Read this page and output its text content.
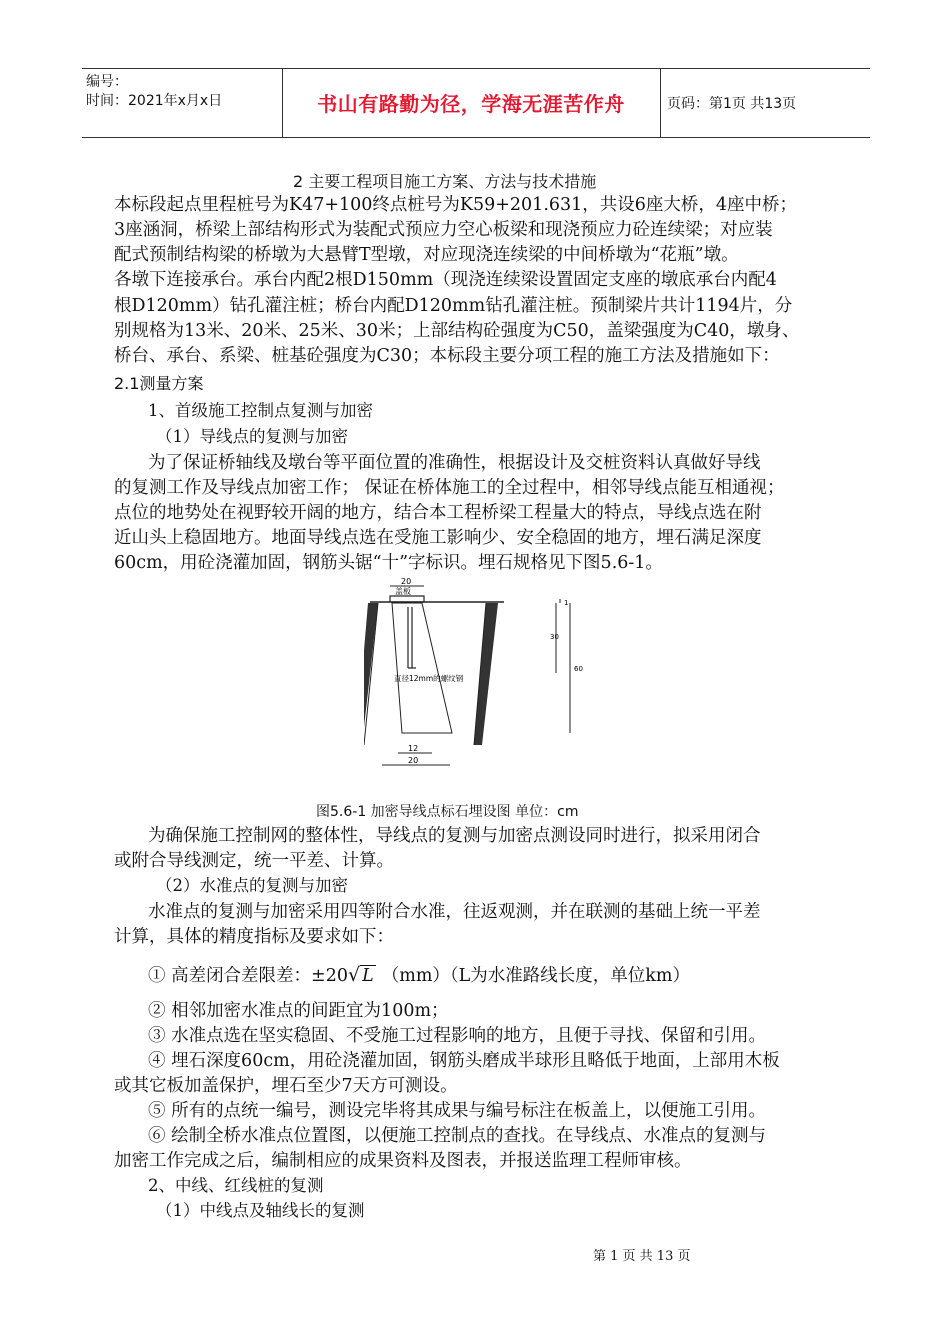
编号：
时间：2021年x月x日	书山有路勤为径，学海无涯苦作舟	页码：第1页 共13页
2 主要工程项目施工方案、方法与技术措施
本标段起点里程桩号为K47+100终点桩号为K59+201.631，共设6座大桥，4座中桥；
3座涵洞，桥梁上部结构形式为装配式预应力空心板梁和现浇预应力砼连续梁；对应装
配式预制结构梁的桥墩为大悬臂T型墩，对应现浇连续梁的中间桥墩为“花瓶”墩。
各墩下连接承台。承台内配2根D150mm（现浇连续梁设置固定支座的墩底承台内配4
根D120mm）钻孔灌注桩；桥台内配D120mm钻孔灌注桩。预制梁片共计1194片，分
别规格为13米、20米、25米、30米；上部结构砼强度为C50，盖梁强度为C40，墩身、
桥台、承台、系梁、桩基砼强度为C30；本标段主要分项工程的施工方法及措施如下：
2.1测量方案
1、首级施工控制点复测与加密
（1）导线点的复测与加密
为了保证桥轴线及墩台等平面位置的准确性，根据设计及交桩资料认真做好导线
的复测工作及导线点加密工作； 保证在桥体施工的全过程中，相邻导线点能互相通视；
点位的地势处在视野较开阔的地方，结合本工程桥梁工程量大的特点，导线点选在附
近山头上稳固地方。地面导线点选在受施工影响少、安全稳固的地方，埋石满足深度
60cm，用砼浇灌加固，钢筋头锯“十”字标识。埋石规格见下图5.6-1。
20
盖板
直径12mm的螺纹钢
12
20
1
30
60
图5.6-1 加密导线点标石埋设图 单位：cm
为确保施工控制网的整体性，导线点的复测与加密点测设同时进行，拟采用闭合
或附合导线测定，统一平差、计算。
（2）水准点的复测与加密
水准点的复测与加密采用四等附合水准，往返观测，并在联测的基础上统一平差
计算，具体的精度指标及要求如下：
① 高差闭合差限差：±20√ L （mm）（L为水准路线长度，单位km）
② 相邻加密水准点的间距宜为100m；
③ 水准点选在坚实稳固、不受施工过程影响的地方，且便于寻找、保留和引用。
④ 埋石深度60cm，用砼浇灌加固，钢筋头磨成半球形且略低于地面，上部用木板
或其它板加盖保护，埋石至少7天方可测设。
⑤ 所有的点统一编号，测设完毕将其成果与编号标注在板盖上，以便施工引用。
⑥ 绘制全桥水准点位置图，以便施工控制点的查找。在导线点、水准点的复测与
加密工作完成之后，编制相应的成果资料及图表，并报送监理工程师审核。
2、中线、红线桩的复测
（1）中线点及轴线长的复测
第 1 页 共 13 页
